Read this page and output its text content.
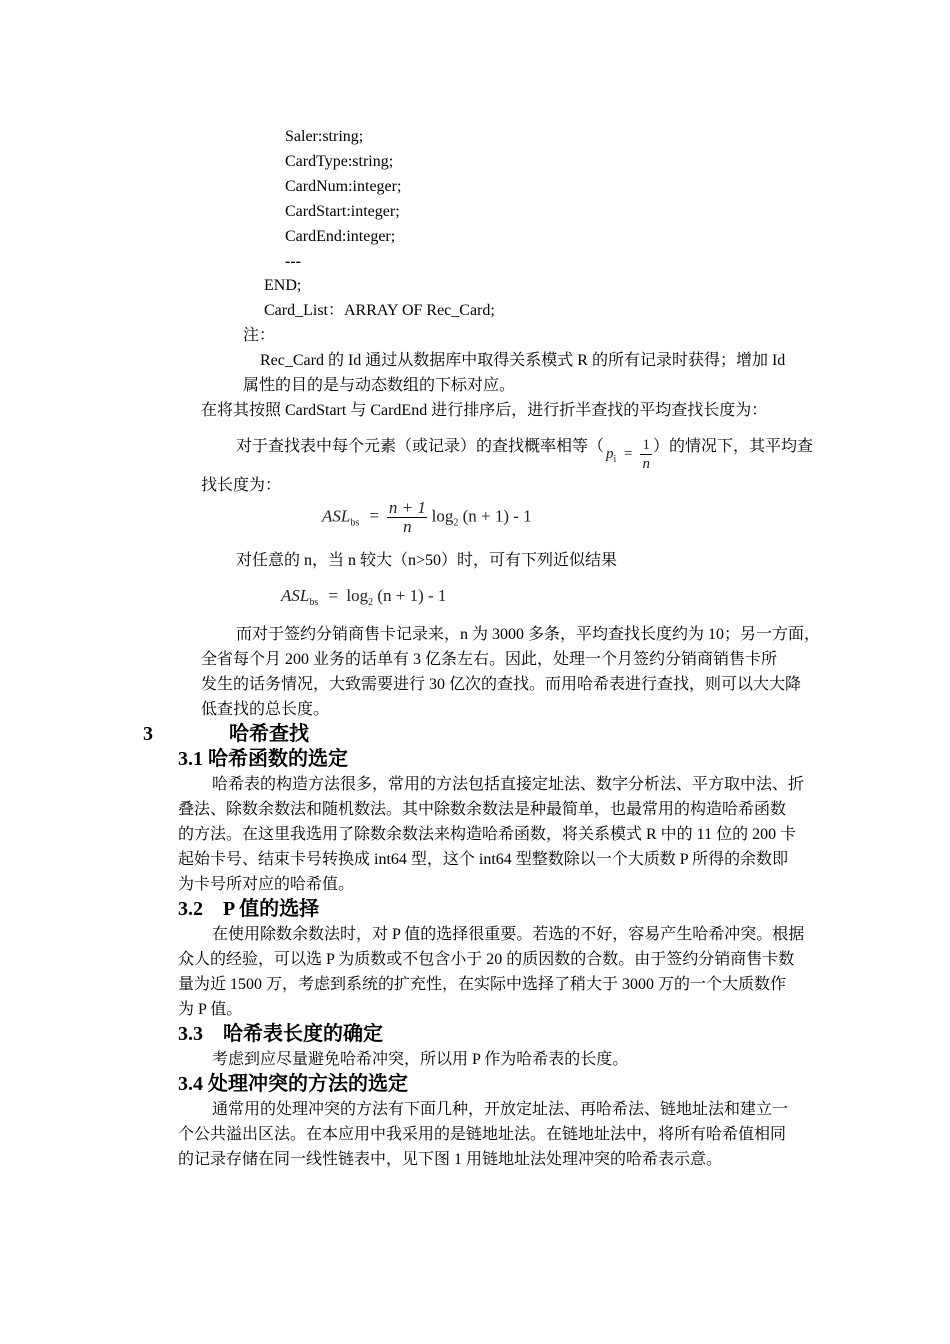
Saler:string;
CardType:string;
CardNum:integer;
CardStart:integer;
CardEnd:integer;
---
END;
Card_List：ARRAY OF Rec_Card;
注：
Rec_Card 的 Id 通过从数据库中取得关系模式 R 的所有记录时获得；增加 Id
属性的目的是与动态数组的下标对应。
在将其按照 CardStart 与 CardEnd 进行排序后，进行折半查找的平均查找长度为：
对于查找表中每个元素（或记录）的查找概率相等（ $p_i = \frac{1}{n}$ ）的情况下，其平均查
找长度为：
$ASL_{bs} = \frac{n + 1}{n} \log_2 (n + 1) - 1$
对任意的 n，当 n 较大（n>50）时，可有下列近似结果
$ASL_{bs} = \log_2 (n + 1) - 1$
而对于签约分销商售卡记录来，n 为 3000 多条，平均查找长度约为 10；另一方面，
全省每个月 200 业务的话单有 3 亿条左右。因此，处理一个月签约分销商销售卡所
发生的话务情况，大致需要进行 30 亿次的查找。而用哈希表进行查找，则可以大大降
低查找的总长度。
3	哈希查找
3.1 哈希函数的选定
哈希表的构造方法很多，常用的方法包括直接定址法、数字分析法、平方取中法、折
叠法、除数余数法和随机数法。其中除数余数法是种最简单，也最常用的构造哈希函数
的方法。在这里我选用了除数余数法来构造哈希函数，将关系模式 R 中的 11 位的 200 卡
起始卡号、结束卡号转换成 int64 型，这个 int64 型整数除以一个大质数 P 所得的余数即
为卡号所对应的哈希值。
3.2    P 值的选择
在使用除数余数法时，对 P 值的选择很重要。若选的不好，容易产生哈希冲突。根据
众人的经验，可以选 P 为质数或不包含小于 20 的质因数的合数。由于签约分销商售卡数
量为近 1500 万，考虑到系统的扩充性，在实际中选择了稍大于 3000 万的一个大质数作
为 P 值。
3.3    哈希表长度的确定
考虑到应尽量避免哈希冲突，所以用 P 作为哈希表的长度。
3.4 处理冲突的方法的选定
通常用的处理冲突的方法有下面几种，开放定址法、再哈希法、链地址法和建立一
个公共溢出区法。在本应用中我采用的是链地址法。在链地址法中，将所有哈希值相同
的记录存储在同一线性链表中，见下图 1 用链地址法处理冲突的哈希表示意。
